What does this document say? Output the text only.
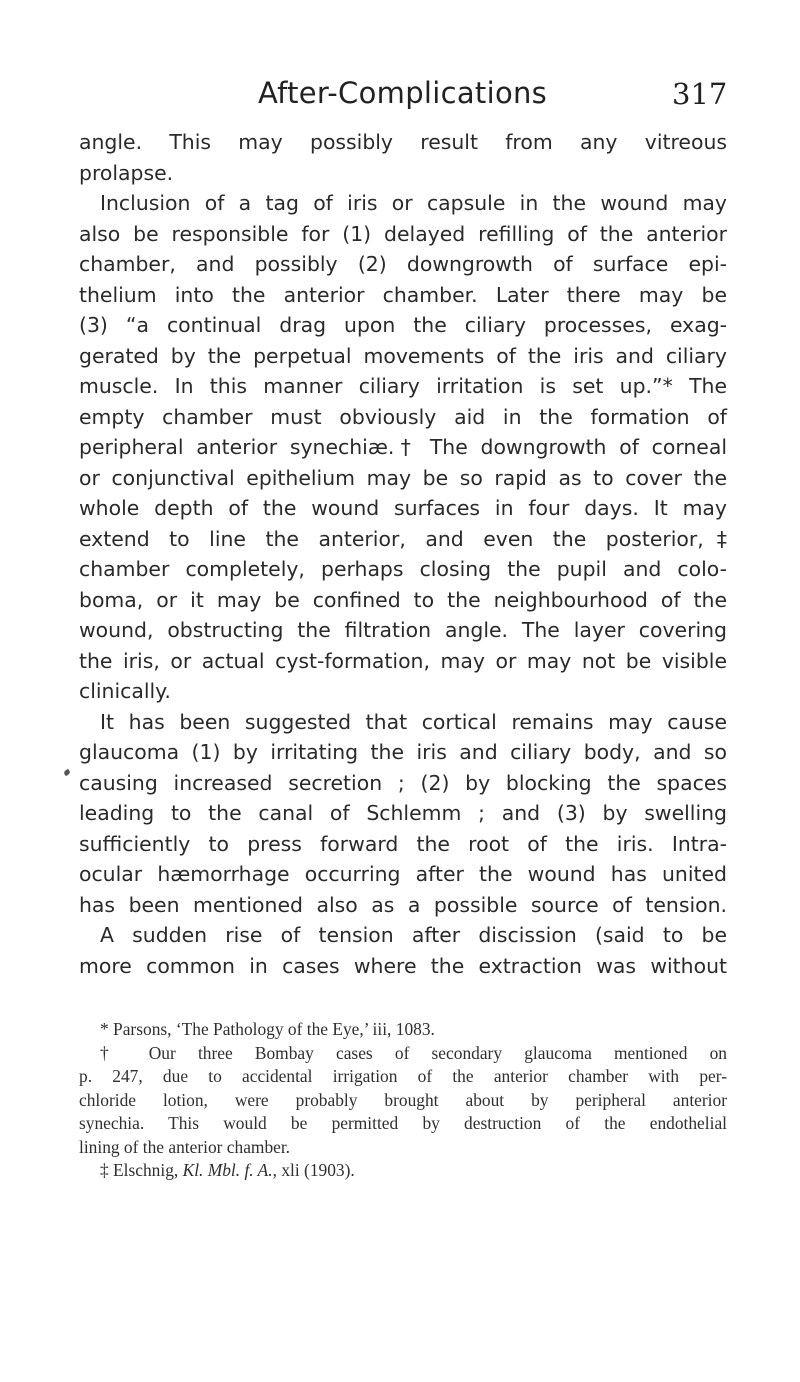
After-Complications	317
angle. This may possibly result from any vitreous
prolapse.
Inclusion of a tag of iris or capsule in the wound may
also be responsible for (1) delayed refilling of the anterior
chamber, and possibly (2) downgrowth of surface epi-
thelium into the anterior chamber. Later there may be
(3) “a continual drag upon the ciliary processes, exag-
gerated by the perpetual movements of the iris and ciliary
muscle. In this manner ciliary irritation is set up.”* The
empty chamber must obviously aid in the formation of
peripheral anterior synechiæ.† The downgrowth of corneal
or conjunctival epithelium may be so rapid as to cover the
whole depth of the wound surfaces in four days. It may
extend to line the anterior, and even the posterior,‡
chamber completely, perhaps closing the pupil and colo-
boma, or it may be confined to the neighbourhood of the
wound, obstructing the filtration angle. The layer covering
the iris, or actual cyst-formation, may or may not be visible
clinically.
It has been suggested that cortical remains may cause
glaucoma (1) by irritating the iris and ciliary body, and so
causing increased secretion ; (2) by blocking the spaces
leading to the canal of Schlemm ; and (3) by swelling
sufficiently to press forward the root of the iris. Intra-
ocular hæmorrhage occurring after the wound has united
has been mentioned also as a possible source of tension.
A sudden rise of tension after discission (said to be
more common in cases where the extraction was without
* Parsons, ‘The Pathology of the Eye,’ iii, 1083.
† Our three Bombay cases of secondary glaucoma mentioned on
p. 247, due to accidental irrigation of the anterior chamber with per-
chloride lotion, were probably brought about by peripheral anterior
synechia. This would be permitted by destruction of the endothelial
lining of the anterior chamber.
‡ Elschnig, Kl. Mbl. f. A., xli (1903).
